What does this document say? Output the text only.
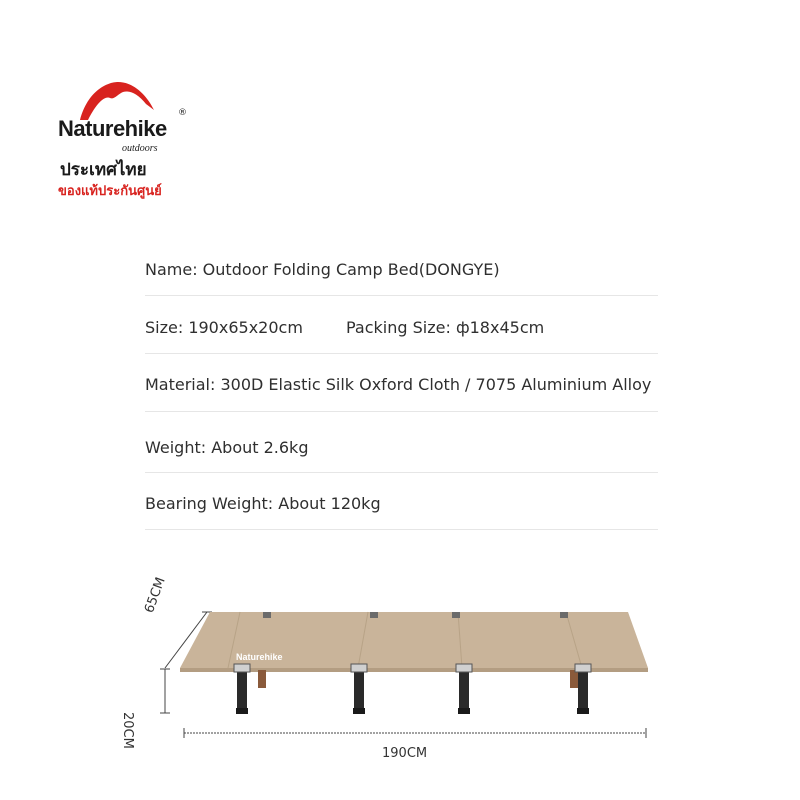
Naturehike
®
outdoors
ประเทศไทย
ของแท้ประกันศูนย์
Name: Outdoor Folding Camp Bed(DONGYE)
Size: 190x65x20cm	Packing Size: ф18x45cm
Material: 300D Elastic Silk Oxford Cloth / 7075 Aluminium Alloy
Weight: About 2.6kg
Bearing Weight: About 120kg
Naturehike
65CM
20CM
190CM
